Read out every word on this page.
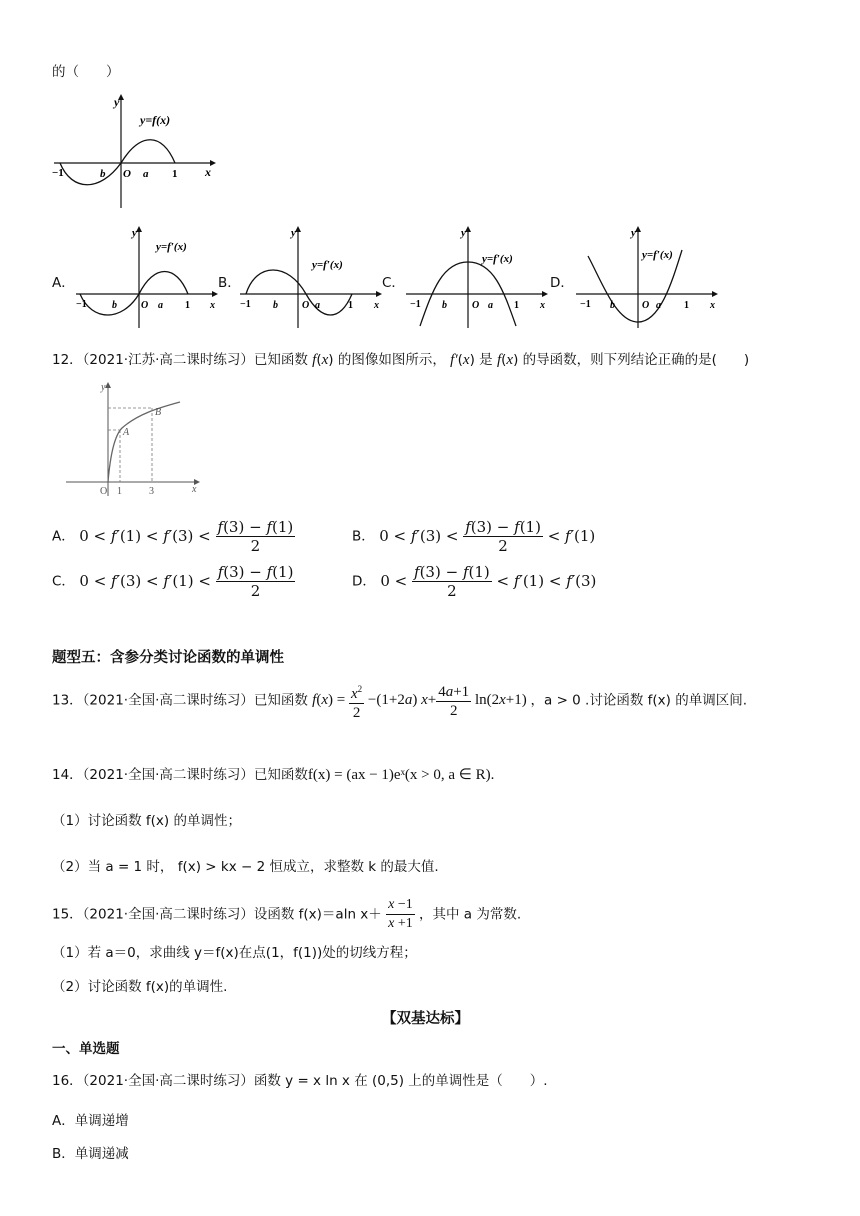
的（　　）
y
x
y=f(x)
−1	b O a 1
A．
y
y=f′(x)
−1	b O a 1 x
B．
y
y=f′(x)
−1 b O a	1 x
C．
y
y=f′(x)
−1 b	O a 1 x
D．
y
y=f′(x)
−1 b	O a 1 x
12．（2021·江苏·高二课时练习）已知函数 f(x) 的图像如图所示， f′(x) 是 f(x) 的导函数，则下列结论正确的是(　　)
y
x
A
B
O 1	3
A． $0 < f'(1) < f'(3) < \frac{f(3) - f(1)}{2}$	B． $0 < f'(3) < \frac{f(3) - f(1)}{2} < f'(1)$
C． $0 < f'(3) < f'(1) < \frac{f(3) - f(1)}{2}$	D． $0 < \frac{f(3) - f(1)}{2} < f'(1) < f'(3)$
题型五：含参分类讨论函数的单调性
13．（2021·全国·高二课时练习）已知函数 $f(x) = \frac{x^2}{2} -(1+2a)$ $x+ \frac{4a+1}{2} \ln(2x+1)$ ，a > 0 .讨论函数 f(x) 的单调区间.
14．（2021·全国·高二课时练习）已知函数f(x) = (ax − 1)eˣ(x > 0, a ∈ R).
（1）讨论函数 f(x) 的单调性；
（2）当 a = 1 时， f(x) > kx − 2 恒成立，求整数 k 的最大值.
15．（2021·全国·高二课时练习）设函数 f(x)＝aln $x+ \frac{x -1}{x +1}$ ，其中 a 为常数.
（1）若 a＝0，求曲线 y＝f(x)在点(1，f(1))处的切线方程；
（2）讨论函数 f(x)的单调性.
【双基达标】
一、单选题
16．（2021·全国·高二课时练习）函数 y = x ln x 在 (0,5) 上的单调性是（　　）.
A．单调递增
B．单调递减
